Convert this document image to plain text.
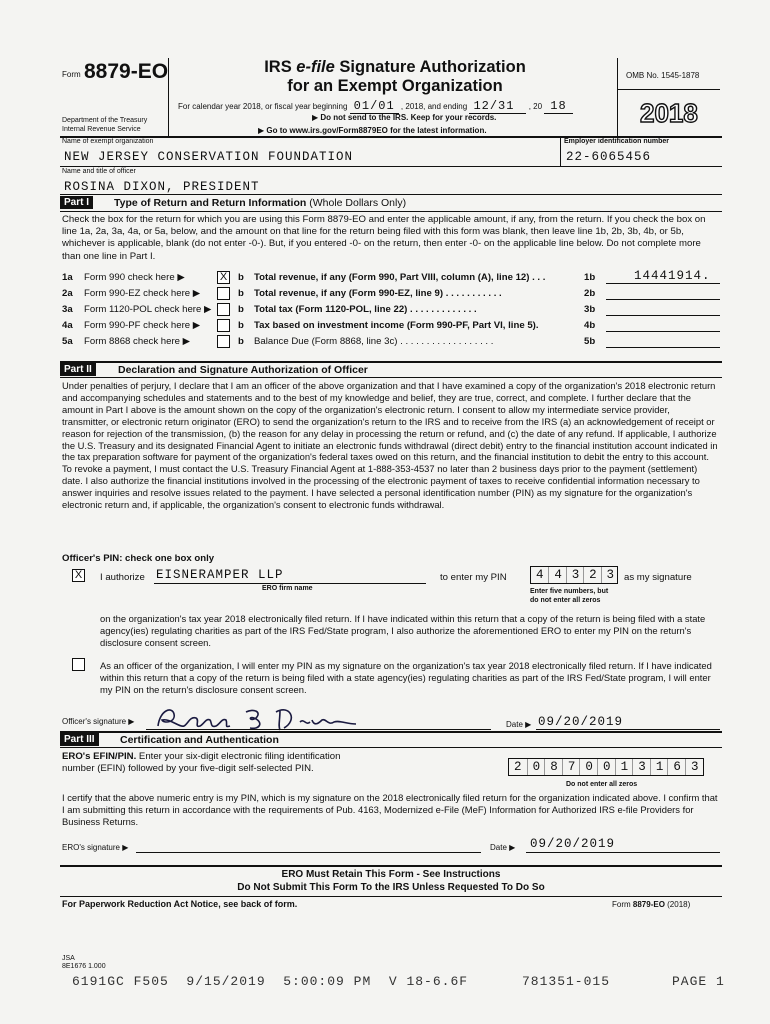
Form 8879-EO
Department of the Treasury
Internal Revenue Service
IRS e-file Signature Authorization
for an Exempt Organization
For calendar year 2018, or fiscal year beginning 01/01 , 2018, and ending 12/31 , 20 18
▶ Do not send to the IRS. Keep for your records.
▶ Go to www.irs.gov/Form8879EO for the latest information.
OMB No. 1545-1878
2018
Name of exempt organization
NEW JERSEY CONSERVATION FOUNDATION
Employer identification number
22-6065456
Name and title of officer
ROSINA DIXON, PRESIDENT
Part I	Type of Return and Return Information (Whole Dollars Only)
Check the box for the return for which you are using this Form 8879-EO and enter the applicable amount, if any, from the return. If you check the box on line 1a, 2a, 3a, 4a, or 5a, below, and the amount on that line for the return being filed with this form was blank, then leave line 1b, 2b, 3b, 4b, or 5b, whichever is applicable, blank (do not enter -0-). But, if you entered -0- on the return, then enter -0- on the applicable line below. Do not complete more than one line in Part I.
1a Form 990 check here ▶	X b Total revenue, if any (Form 990, Part VIII, column (A), line 12) . . .	1b	14441914.
2a Form 990-EZ check here ▶	b Total revenue, if any (Form 990-EZ, line 9) . . . . . . . . . . .	2b
3a Form 1120-POL check here ▶	b Total tax (Form 1120-POL, line 22) . . . . . . . . . . . . .	3b
4a Form 990-PF check here ▶	b Tax based on investment income (Form 990-PF, Part VI, line 5).	4b
5a Form 8868 check here ▶	b Balance Due (Form 8868, line 3c) . . . . . . . . . . . . . . . . . .	5b
Part II	Declaration and Signature Authorization of Officer
Under penalties of perjury, I declare that I am an officer of the above organization and that I have examined a copy of the organization's 2018 electronic return and accompanying schedules and statements and to the best of my knowledge and belief, they are true, correct, and complete. I further declare that the amount in Part I above is the amount shown on the copy of the organization's electronic return. I consent to allow my intermediate service provider, transmitter, or electronic return originator (ERO) to send the organization's return to the IRS and to receive from the IRS (a) an acknowledgement of receipt or reason for rejection of the transmission, (b) the reason for any delay in processing the return or refund, and (c) the date of any refund. If applicable, I authorize the U.S. Treasury and its designated Financial Agent to initiate an electronic funds withdrawal (direct debit) entry to the financial institution account indicated in the tax preparation software for payment of the organization's federal taxes owed on this return, and the financial institution to debit the entry to this account. To revoke a payment, I must contact the U.S. Treasury Financial Agent at 1-888-353-4537 no later than 2 business days prior to the payment (settlement) date. I also authorize the financial institutions involved in the processing of the electronic payment of taxes to receive confidential information necessary to answer inquiries and resolve issues related to the payment. I have selected a personal identification number (PIN) as my signature for the organization's electronic return and, if applicable, the organization's consent to electronic funds withdrawal.
Officer's PIN: check one box only
X I authorize EISNERAMPER LLP
ERO firm name
to enter my PIN	4 4 3 2 3	as my signature
Enter five numbers, but
do not enter all zeros
on the organization's tax year 2018 electronically filed return. If I have indicated within this return that a copy of the return is being filed with a state agency(ies) regulating charities as part of the IRS Fed/State program, I also authorize the aforementioned ERO to enter my PIN on the return's disclosure consent screen.
As an officer of the organization, I will enter my PIN as my signature on the organization's tax year 2018 electronically filed return. If I have indicated within this return that a copy of the return is being filed with a state agency(ies) regulating charities as part of the IRS Fed/State program, I will enter my PIN on the return's disclosure consent screen.
Officer's signature ▶	Date ▶ 09/20/2019
Part III	Certification and Authentication
ERO's EFIN/PIN. Enter your six-digit electronic filing identification
number (EFIN) followed by your five-digit self-selected PIN.	2 0 8 7 0 0 1 3 1 6 3
Do not enter all zeros
I certify that the above numeric entry is my PIN, which is my signature on the 2018 electronically filed return for the organization indicated above. I confirm that I am submitting this return in accordance with the requirements of Pub. 4163, Modernized e-File (MeF) Information for Authorized IRS e-file Providers for Business Returns.
ERO's signature ▶	Date ▶ 09/20/2019
ERO Must Retain This Form - See Instructions
Do Not Submit This Form To the IRS Unless Requested To Do So
For Paperwork Reduction Act Notice, see back of form.	Form 8879-EO (2018)
JSA
8E1676 1.000
6191GC F505  9/15/2019  5:00:09 PM  V 18-6.6F	781351-015	PAGE 1
